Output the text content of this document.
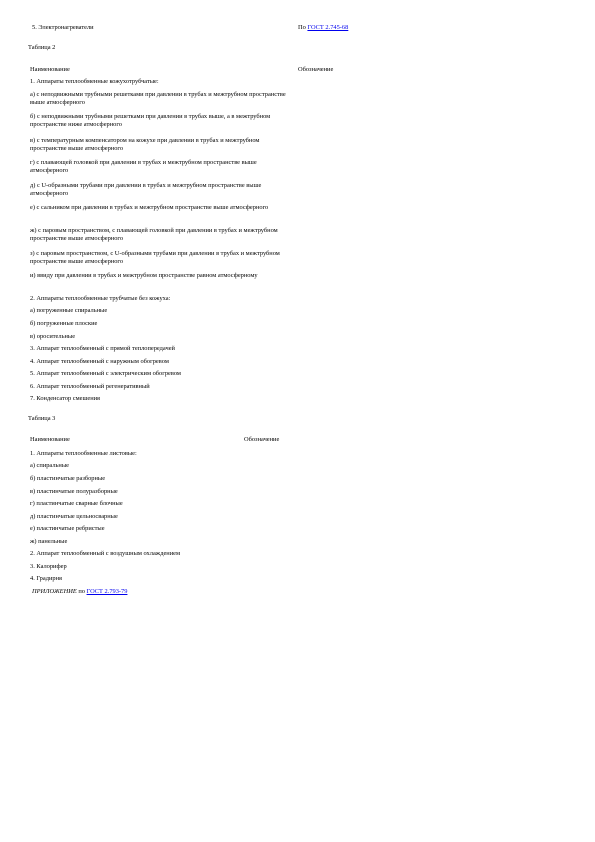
5. Электронагреватели	По ГОСТ 2.745-68
Таблица 2
Наименование	Обозначение
1. Аппараты теплообменные кожухотрубчатые:
а) с неподвижными трубными решетками при давлении в трубах и межтрубном пространстве выше атмосферного
б) с неподвижными трубными решетками при давлении в трубах выше, а в межтрубном пространстве ниже атмосферного
в) с температурным компенсатором на кожухе при давлении в трубах и межтрубном пространстве выше атмосферного
г) с плавающей головкой при давлении в трубах и межтрубном пространстве выше атмосферного
д) с U-образными трубами при давлении в трубах и межтрубном пространстве выше атмосферного
е) с сальником при давлении в трубах и межтрубном пространстве выше атмосферного
ж) с паровым пространством, с плавающей головкой при давлении в трубах и межтрубном пространстве выше атмосферного
з) с паровым пространством, с U-образными трубами при давлении в трубах и межтрубном пространстве выше атмосферного
и) ввиду при давлении в трубах и межтрубном пространстве равном атмосферному
2. Аппараты теплообменные трубчатые без кожуха:
а) погруженные спиральные
б) погруженные плоские
в) оросительные
3. Аппарат теплообменный с прямой теплопередачей
4. Аппарат теплообменный с наружным обогревом
5. Аппарат теплообменный с электрическим обогревом
6. Аппарат теплообменный регенеративный
7. Конденсатор смешения
Таблица 3
Наименование	Обозначение
1. Аппараты теплообменные листовые:
а) спиральные
б) пластинчатые разборные
в) пластинчатые полуразборные
г) пластинчатые сварные блочные
д) пластинчатые цельносварные
е) пластинчатые ребристые
ж) панельные
2. Аппарат теплообменный с воздушным охлаждением
3. Калорифер
4. Градирня
ПРИЛОЖЕНИЕ по ГОСТ 2.793-79
